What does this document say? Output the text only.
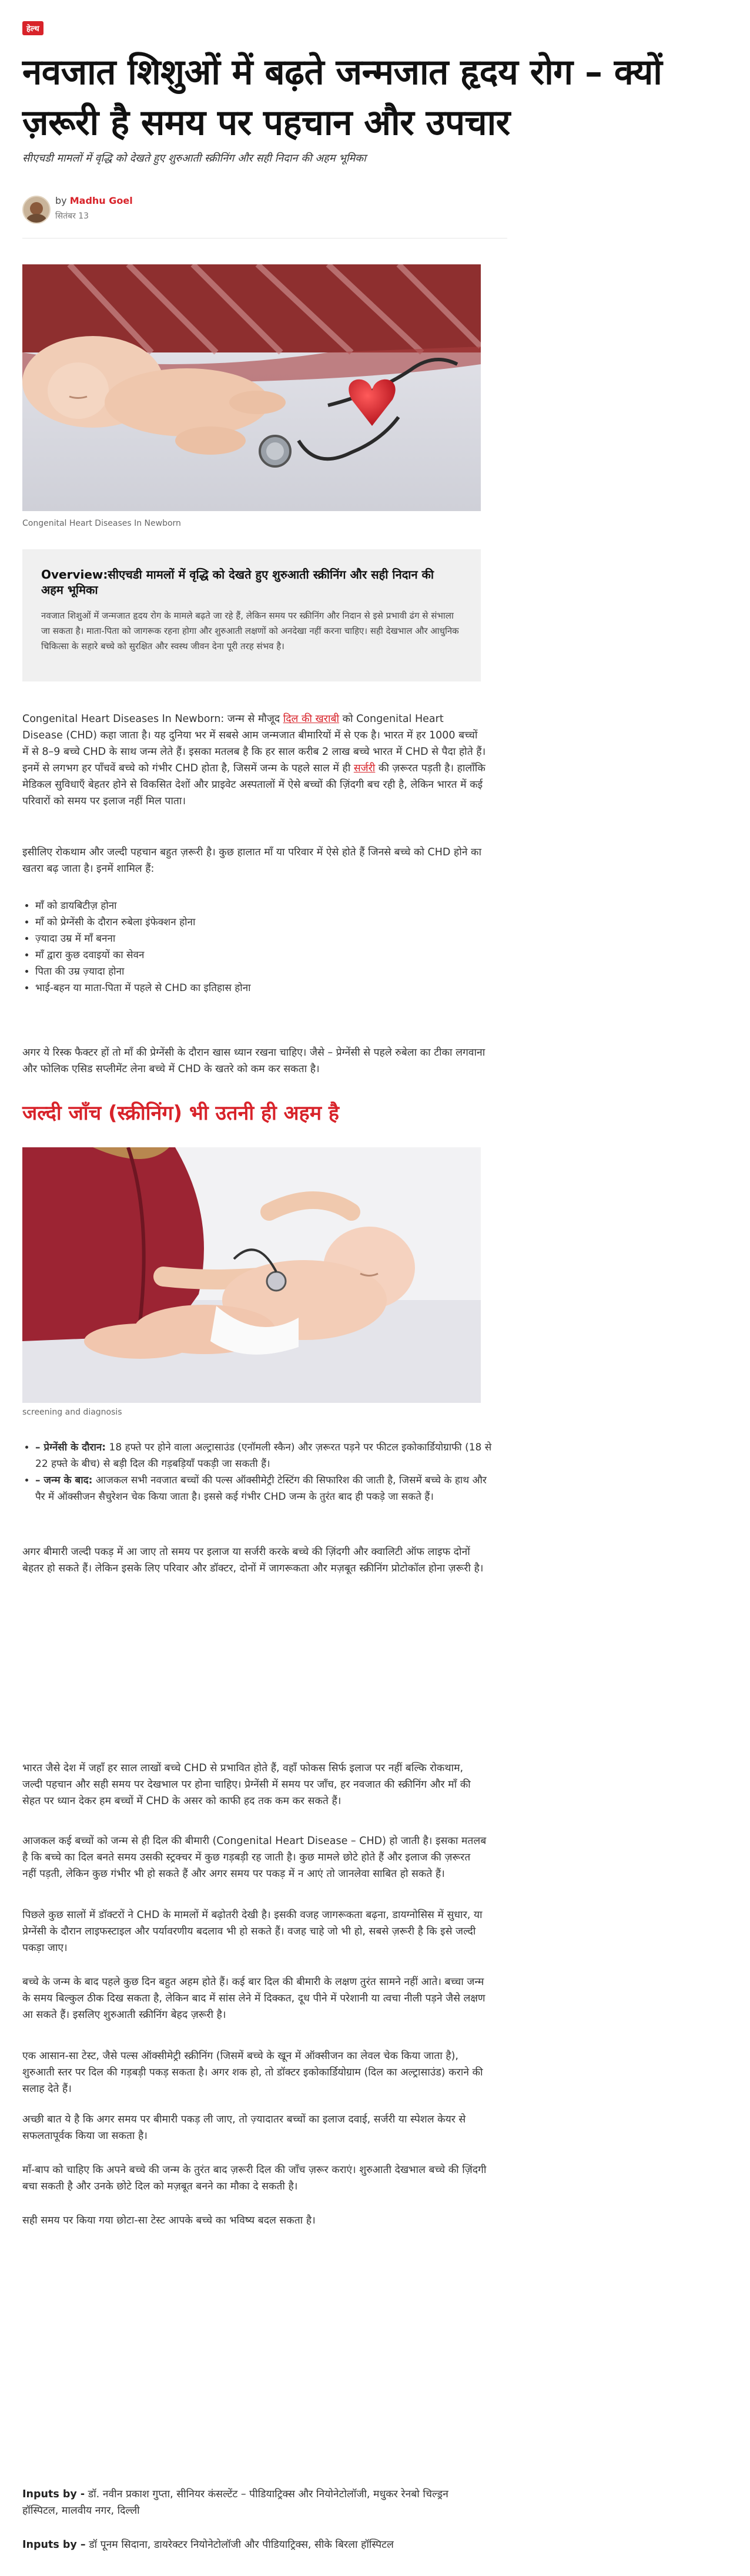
हेल्थ
नवजात शिशुओं में बढ़ते जन्मजात हृदय रोग – क्यों ज़रूरी है समय पर पहचान और उपचार

सीएचडी मामलों में वृद्धि को देखते हुए शुरुआती स्क्रीनिंग और सही निदान की अहम भूमिका

by Madhu Goel
सितंबर 13
Congenital Heart Diseases In Newborn
Overview:सीएचडी मामलों में वृद्धि को देखते हुए शुरुआती स्क्रीनिंग और सही निदान की अहम भूमिका

नवजात शिशुओं में जन्मजात हृदय रोग के मामले बढ़ते जा रहे हैं, लेकिन समय पर स्क्रीनिंग और निदान से इसे प्रभावी ढंग से संभाला जा सकता है। माता-पिता को जागरूक रहना होगा और शुरुआती लक्षणों को अनदेखा नहीं करना चाहिए। सही देखभाल और आधुनिक चिकित्सा के सहारे बच्चे को सुरक्षित और स्वस्थ जीवन देना पूरी तरह संभव है।

Congenital Heart Diseases In Newborn: जन्म से मौजूद दिल की खराबी को Congenital Heart Disease (CHD) कहा जाता है। यह दुनिया भर में सबसे आम जन्मजात बीमारियों में से एक है। भारत में हर 1000 बच्चों में से 8–9 बच्चे CHD के साथ जन्म लेते हैं। इसका मतलब है कि हर साल करीब 2 लाख बच्चे भारत में CHD से पैदा होते हैं। इनमें से लगभग हर पाँचवें बच्चे को गंभीर CHD होता है, जिसमें जन्म के पहले साल में ही सर्जरी की ज़रूरत पड़ती है। हालाँकि मेडिकल सुविधाएँ बेहतर होने से विकसित देशों और प्राइवेट अस्पतालों में ऐसे बच्चों की ज़िंदगी बच रही है, लेकिन भारत में कई परिवारों को समय पर इलाज नहीं मिल पाता।

इसीलिए रोकथाम और जल्दी पहचान बहुत ज़रूरी है। कुछ हालात माँ या परिवार में ऐसे होते हैं जिनसे बच्चे को CHD होने का खतरा बढ़ जाता है। इनमें शामिल हैं:

• माँ को डायबिटीज़ होना
• माँ को प्रेग्नेंसी के दौरान रुबेला इंफेक्शन होना
• ज़्यादा उम्र में माँ बनना
• माँ द्वारा कुछ दवाइयों का सेवन
• पिता की उम्र ज़्यादा होना
• भाई-बहन या माता-पिता में पहले से CHD का इतिहास होना

अगर ये रिस्क फैक्टर हों तो माँ की प्रेग्नेंसी के दौरान खास ध्यान रखना चाहिए। जैसे – प्रेग्नेंसी से पहले रुबेला का टीका लगवाना और फोलिक एसिड सप्लीमेंट लेना बच्चे में CHD के खतरे को कम कर सकता है।

जल्दी जाँच (स्क्रीनिंग) भी उतनी ही अहम है
screening and diagnosis
• – प्रेग्नेंसी के दौरान: 18 हफ्ते पर होने वाला अल्ट्रासाउंड (एनॉमली स्कैन) और ज़रूरत पड़ने पर फीटल इकोकार्डियोग्राफी (18 से 22 हफ्ते के बीच) से बड़ी दिल की गड़बड़ियाँ पकड़ी जा सकती हैं।
• – जन्म के बाद: आजकल सभी नवजात बच्चों की पल्स ऑक्सीमेट्री टेस्टिंग की सिफारिश की जाती है, जिसमें बच्चे के हाथ और पैर में ऑक्सीजन सैचुरेशन चेक किया जाता है। इससे कई गंभीर CHD जन्म के तुरंत बाद ही पकड़े जा सकते हैं।

अगर बीमारी जल्दी पकड़ में आ जाए तो समय पर इलाज या सर्जरी करके बच्चे की ज़िंदगी और क्वालिटी ऑफ लाइफ दोनों बेहतर हो सकते हैं। लेकिन इसके लिए परिवार और डॉक्टर, दोनों में जागरूकता और मज़बूत स्क्रीनिंग प्रोटोकॉल होना ज़रूरी है।

भारत जैसे देश में जहाँ हर साल लाखों बच्चे CHD से प्रभावित होते हैं, वहाँ फोकस सिर्फ इलाज पर नहीं बल्कि रोकथाम, जल्दी पहचान और सही समय पर देखभाल पर होना चाहिए। प्रेग्नेंसी में समय पर जाँच, हर नवजात की स्क्रीनिंग और माँ की सेहत पर ध्यान देकर हम बच्चों में CHD के असर को काफी हद तक कम कर सकते हैं।

आजकल कई बच्चों को जन्म से ही दिल की बीमारी (Congenital Heart Disease – CHD) हो जाती है। इसका मतलब है कि बच्चे का दिल बनते समय उसकी स्ट्रक्चर में कुछ गड़बड़ी रह जाती है। कुछ मामले छोटे होते हैं और इलाज की ज़रूरत नहीं पड़ती, लेकिन कुछ गंभीर भी हो सकते हैं और अगर समय पर पकड़ में न आएं तो जानलेवा साबित हो सकते हैं।

पिछले कुछ सालों में डॉक्टरों ने CHD के मामलों में बढ़ोतरी देखी है। इसकी वजह जागरूकता बढ़ना, डायग्नोसिस में सुधार, या प्रेग्नेंसी के दौरान लाइफस्टाइल और पर्यावरणीय बदलाव भी हो सकते हैं। वजह चाहे जो भी हो, सबसे ज़रूरी है कि इसे जल्दी पकड़ा जाए।

बच्चे के जन्म के बाद पहले कुछ दिन बहुत अहम होते हैं। कई बार दिल की बीमारी के लक्षण तुरंत सामने नहीं आते। बच्चा जन्म के समय बिल्कुल ठीक दिख सकता है, लेकिन बाद में सांस लेने में दिक्कत, दूध पीने में परेशानी या त्वचा नीली पड़ने जैसे लक्षण आ सकते हैं। इसलिए शुरुआती स्क्रीनिंग बेहद ज़रूरी है।

एक आसान-सा टेस्ट, जैसे पल्स ऑक्सीमेट्री स्क्रीनिंग (जिसमें बच्चे के खून में ऑक्सीजन का लेवल चेक किया जाता है), शुरुआती स्तर पर दिल की गड़बड़ी पकड़ सकता है। अगर शक हो, तो डॉक्टर इकोकार्डियोग्राम (दिल का अल्ट्रासाउंड) कराने की सलाह देते हैं।

अच्छी बात ये है कि अगर समय पर बीमारी पकड़ ली जाए, तो ज़्यादातर बच्चों का इलाज दवाई, सर्जरी या स्पेशल केयर से सफलतापूर्वक किया जा सकता है।

माँ-बाप को चाहिए कि अपने बच्चे की जन्म के तुरंत बाद ज़रूरी दिल की जाँच ज़रूर कराएं। शुरुआती देखभाल बच्चे की ज़िंदगी बचा सकती है और उनके छोटे दिल को मज़बूत बनने का मौका दे सकती है।

सही समय पर किया गया छोटा-सा टेस्ट आपके बच्चे का भविष्य बदल सकता है।

Inputs by - डॉ. नवीन प्रकाश गुप्ता, सीनियर कंसल्टेंट – पीडियाट्रिक्स और नियोनेटोलॉजी, मधुकर रेनबो चिल्ड्रन हॉस्पिटल, मालवीय नगर, दिल्ली

Inputs by – डॉ पूनम सिदाना, डायरेक्टर नियोनेटोलॉजी और पीडियाट्रिक्स, सीके बिरला हॉस्पिटल
